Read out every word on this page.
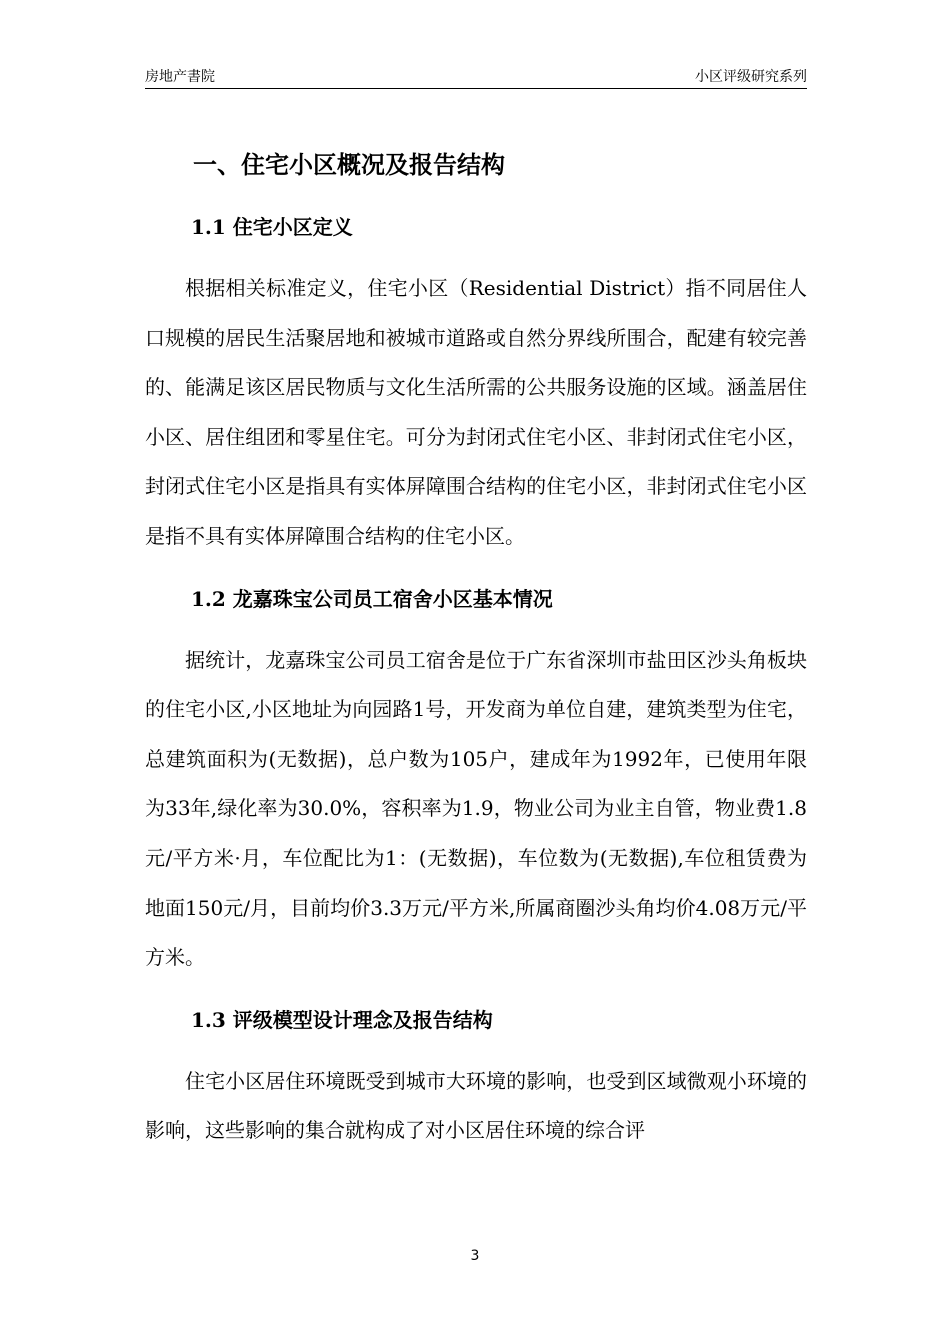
房地产書院	小区评级研究系列
一、住宅小区概况及报告结构
1.1 住宅小区定义

根据相关标准定义，住宅小区（Residential District）指不同居住人口规模的居民生活聚居地和被城市道路或自然分界线所围合，配建有较完善的、能满足该区居民物质与文化生活所需的公共服务设施的区域。涵盖居住小区、居住组团和零星住宅。可分为封闭式住宅小区、非封闭式住宅小区，封闭式住宅小区是指具有实体屏障围合结构的住宅小区，非封闭式住宅小区是指不具有实体屏障围合结构的住宅小区。

1.2 龙嘉珠宝公司员工宿舍小区基本情况

据统计，龙嘉珠宝公司员工宿舍是位于广东省深圳市盐田区沙头角板块的住宅小区,小区地址为向园路1号，开发商为单位自建，建筑类型为住宅，总建筑面积为(无数据)，总户数为105户，建成年为1992年，已使用年限为33年,绿化率为30.0%，容积率为1.9，物业公司为业主自管，物业费1.8元/平方米·月，车位配比为1：(无数据)，车位数为(无数据),车位租赁费为地面150元/月，目前均价3.3万元/平方米,所属商圈沙头角均价4.08万元/平方米。

1.3 评级模型设计理念及报告结构

住宅小区居住环境既受到城市大环境的影响，也受到区域微观小环境的影响，这些影响的集合就构成了对小区居住环境的综合评

3
